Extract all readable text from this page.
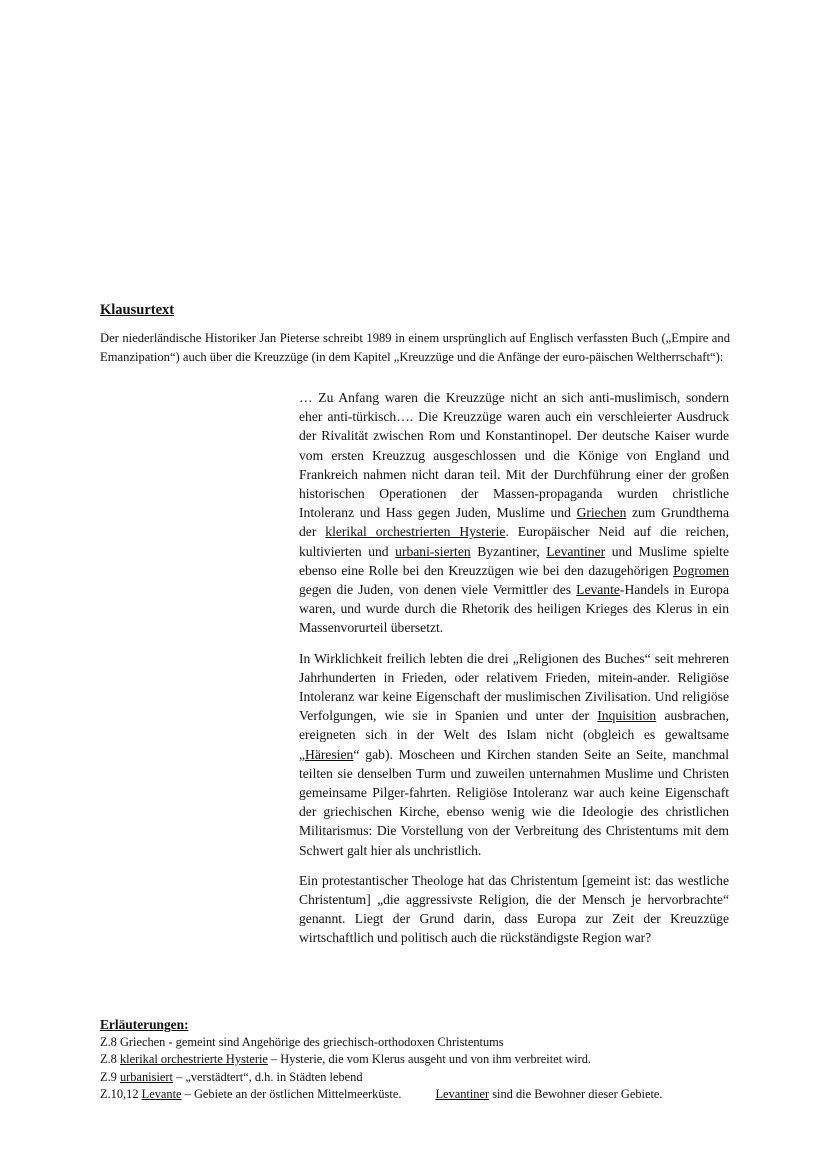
Klausurtext
Der niederländische Historiker Jan Pieterse schreibt 1989 in einem ursprünglich auf Englisch verfassten Buch („Empire and Emanzipation“) auch über die Kreuzzüge (in dem Kapitel „Kreuzzüge und die Anfänge der euro-päischen Weltherrschaft“):

… Zu Anfang waren die Kreuzzüge nicht an sich anti-muslimisch, sondern eher anti-türkisch…. Die Kreuzzüge waren auch ein verschleierter Ausdruck der Rivalität zwischen Rom und Konstantinopel. Der deutsche Kaiser wurde vom ersten Kreuzzug ausgeschlossen und die Könige von England und Frankreich nahmen nicht daran teil. Mit der Durchführung einer der großen historischen Operationen der Massen-propaganda wurden christliche Intoleranz und Hass gegen Juden, Muslime und Griechen zum Grundthema der klerikal orchestrierten Hysterie. Europäischer Neid auf die reichen, kultivierten und urbani-sierten Byzantiner, Levantiner und Muslime spielte ebenso eine Rolle bei den Kreuzzügen wie bei den dazugehörigen Pogromen gegen die Juden, von denen viele Vermittler des Levante-Handels in Europa waren, und wurde durch die Rhetorik des heiligen Krieges des Klerus in ein Massenvorurteil übersetzt.

In Wirklichkeit freilich lebten die drei „Religionen des Buches“ seit mehreren Jahrhunderten in Frieden, oder relativem Frieden, mitein-ander. Religiöse Intoleranz war keine Eigenschaft der muslimischen Zivilisation. Und religiöse Verfolgungen, wie sie in Spanien und unter der Inquisition ausbrachen, ereigneten sich in der Welt des Islam nicht (obgleich es gewaltsame „Häresien“ gab). Moscheen und Kirchen standen Seite an Seite, manchmal teilten sie denselben Turm und zuweilen unternahmen Muslime und Christen gemeinsame Pilger-fahrten. Religiöse Intoleranz war auch keine Eigenschaft der griechischen Kirche, ebenso wenig wie die Ideologie des christlichen Militarismus: Die Vorstellung von der Verbreitung des Christentums mit dem Schwert galt hier als unchristlich.

Ein protestantischer Theologe hat das Christentum [gemeint ist: das westliche Christentum] „die aggressivste Religion, die der Mensch je hervorbrachte“ genannt. Liegt der Grund darin, dass Europa zur Zeit der Kreuzzüge wirtschaftlich und politisch auch die rückständigste Region war?

Erläuterungen:
Z.8 Griechen - gemeint sind Angehörige des griechisch-orthodoxen Christentums
Z.8 klerikal orchestrierte Hysterie – Hysterie, die vom Klerus ausgeht und von ihm verbreitet wird.
Z.9 urbanisiert – „verstädtert“, d.h. in Städten lebend
Z.10,12 Levante – Gebiete an der östlichen Mittelmeerküste.	Levantiner sind die Bewohner dieser Gebiete.
